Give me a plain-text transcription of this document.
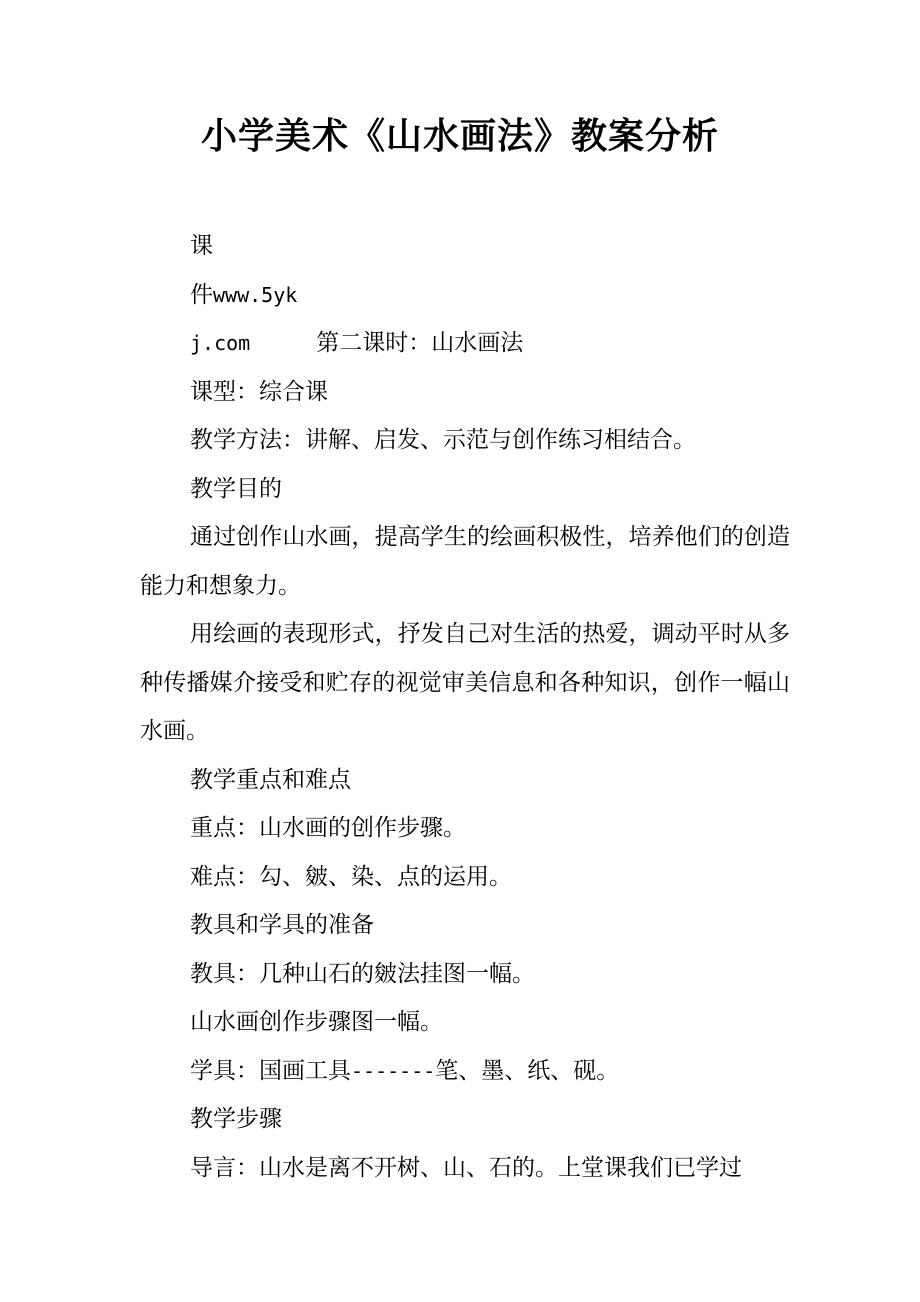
小学美术《山水画法》教案分析

课

件www.5yk

j.com	第二课时：山水画法

课型：综合课

教学方法：讲解、启发、示范与创作练习相结合。

教学目的

通过创作山水画，提高学生的绘画积极性，培养他们的创造能力和想象力。

用绘画的表现形式，抒发自己对生活的热爱，调动平时从多种传播媒介接受和贮存的视觉审美信息和各种知识，创作一幅山水画。

教学重点和难点

重点：山水画的创作步骤。

难点：勾、皴、染、点的运用。

教具和学具的准备

教具：几种山石的皴法挂图一幅。

山水画创作步骤图一幅。

学具：国画工具-------笔、墨、纸、砚。

教学步骤

导言：山水是离不开树、山、石的。上堂课我们已学过
